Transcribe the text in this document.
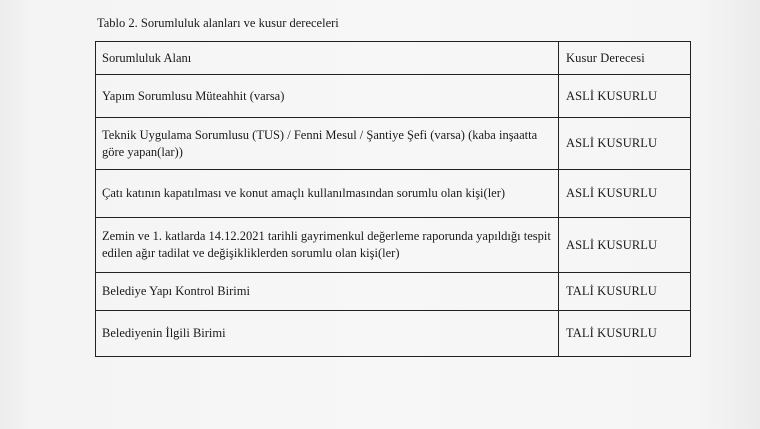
Tablo 2. Sorumluluk alanları ve kusur dereceleri
Sorumluluk Alanı	Kusur Derecesi
Yapım Sorumlusu Müteahhit (varsa)	ASLİ KUSURLU
Teknik Uygulama Sorumlusu (TUS) / Fenni Mesul / Şantiye Şefi (varsa) (kaba inşaatta göre yapan(lar))	ASLİ KUSURLU
Çatı katının kapatılması ve konut amaçlı kullanılmasından sorumlu olan kişi(ler)	ASLİ KUSURLU
Zemin ve 1. katlarda 14.12.2021 tarihli gayrimenkul değerleme raporunda yapıldığı tespit edilen ağır tadilat ve değişikliklerden sorumlu olan kişi(ler)	ASLİ KUSURLU
Belediye Yapı Kontrol Birimi	TALİ KUSURLU
Belediyenin İlgili Birimi	TALİ KUSURLU
